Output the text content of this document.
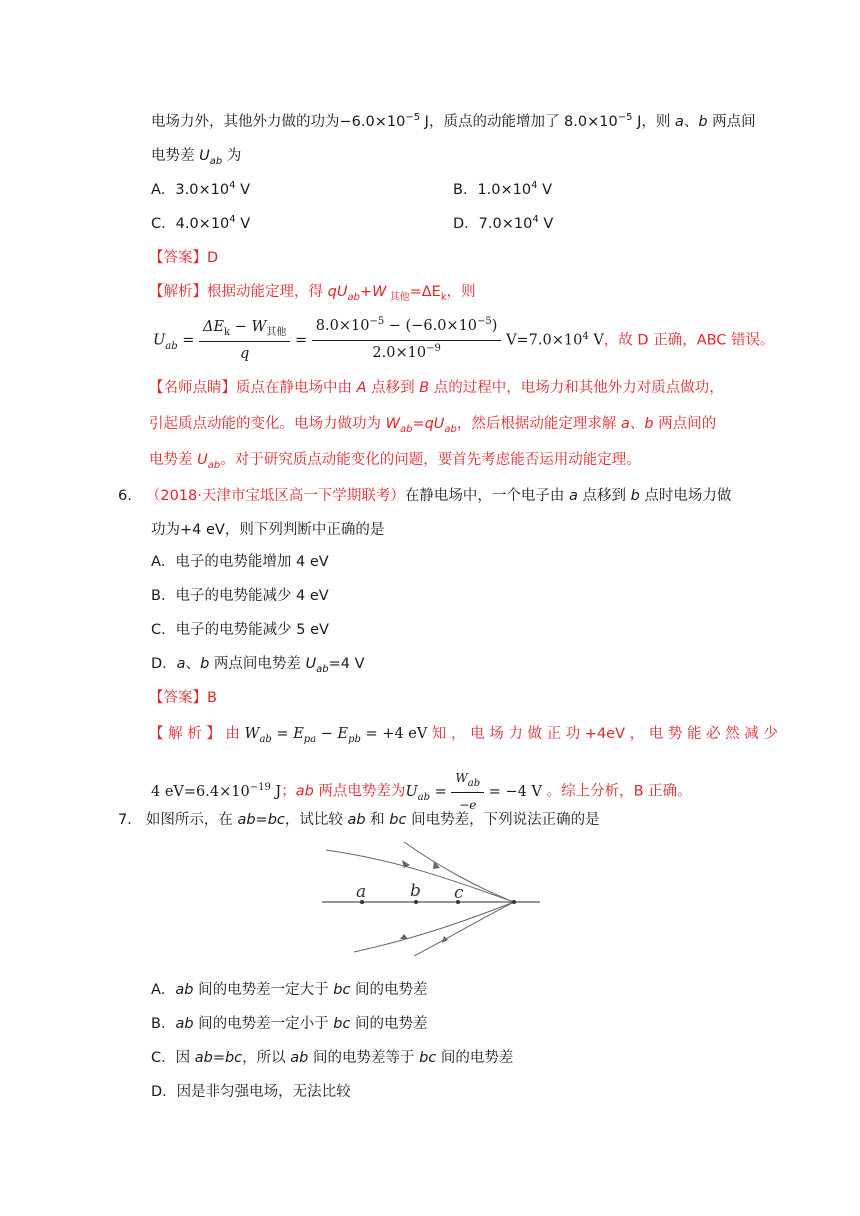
电场力外，其他外力做的功为$-6.0\times 10^{-5}$ J，质点的动能增加了 $8.0\times 10^{-5}$ J，则 a、b 两点间
电势差 $U_{ab}$ 为
A．$3.0\times 10^4$ V	B．$1.0\times 10^4$ V
C．$4.0\times 10^4$ V	D．$7.0\times 10^4$ V
【答案】D
【解析】根据动能定理，得 $qU_{ab}+W$ $_{其他}=\Delta E_k$，则
$U_{ab} = \frac{\Delta E_k - W_{其他}}{q} = \frac{8.0\times 10^{-5} - (-6.0\times 10^{-5})}{2.0\times 10^{-9}} V=7.0\times 10^4$ V，故 D 正确，ABC 错误。
【名师点睛】质点在静电场中由 A 点移到 B 点的过程中，电场力和其他外力对质点做功，
引起质点动能的变化。电场力做功为 $W_{ab}=qU_{ab}$，然后根据动能定理求解 a、b 两点间的
电势差 $U_{ab}$。对于研究质点动能变化的问题，要首先考虑能否运用动能定理。
6. （2018·天津市宝坻区高一下学期联考）在静电场中，一个电子由 a 点移到 b 点时电场力做
功为+4 eV，则下列判断中正确的是
A．电子的电势能增加 4 eV
B．电子的电势能减少 4 eV
C．电子的电势能减少 5 eV
D．a、b 两点间电势差 $U_{ab}=4$ V
【答案】B
【 解 析 】 由 $W_{ab} = E_{pa} - E_{pb} = +4$ eV 知 ， 电 场 力 做 正 功 +4eV ， 电 势 能 必 然 减 少
4 $eV=6.4\times 10^{-19}$ J；ab 两点电势差为$U_{ab} = \frac{W_{ab}}{-e} = -4$ V 。综上分析，B 正确。
7. 如图所示，在 ab=bc，试比较 ab 和 bc 间电势差，下列说法正确的是
a	b c
A．ab 间的电势差一定大于 bc 间的电势差
B．ab 间的电势差一定小于 bc 间的电势差
C．因 ab=bc，所以 ab 间的电势差等于 bc 间的电势差
D．因是非匀强电场，无法比较
